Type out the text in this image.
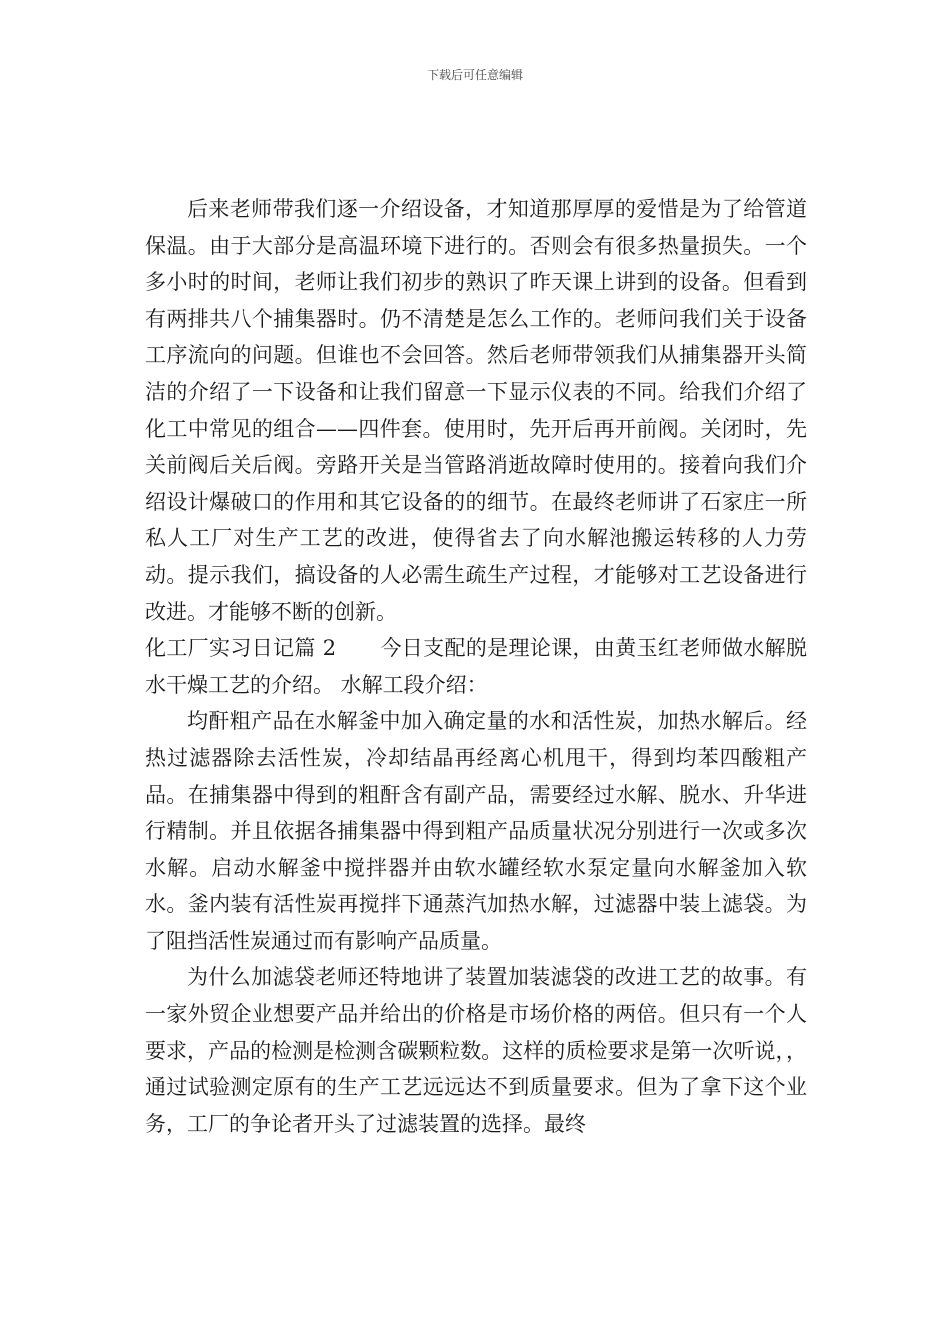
下载后可任意编辑

后来老师带我们逐一介绍设备，才知道那厚厚的爱惜是为了给管道保温。由于大部分是高温环境下进行的。否则会有很多热量损失。一个多小时的时间，老师让我们初步的熟识了昨天课上讲到的设备。但看到有两排共八个捕集器时。仍不清楚是怎么工作的。老师问我们关于设备工序流向的问题。但谁也不会回答。然后老师带领我们从捕集器开头简洁的介绍了一下设备和让我们留意一下显示仪表的不同。给我们介绍了化工中常见的组合——四件套。使用时，先开后再开前阀。关闭时，先关前阀后关后阀。旁路开关是当管路消逝故障时使用的。接着向我们介绍设计爆破口的作用和其它设备的的细节。在最终老师讲了石家庄一所私人工厂对生产工艺的改进，使得省去了向水解池搬运转移的人力劳动。提示我们，搞设备的人必需生疏生产过程，才能够对工艺设备进行改进。才能够不断的创新。

化工厂实习日记篇 2 今日支配的是理论课，由黄玉红老师做水解脱水干燥工艺的介绍。 水解工段介绍：

均酐粗产品在水解釜中加入确定量的水和活性炭，加热水解后。经热过滤器除去活性炭，冷却结晶再经离心机甩干，得到均苯四酸粗产品。在捕集器中得到的粗酐含有副产品，需要经过水解、脱水、升华进行精制。并且依据各捕集器中得到粗产品质量状况分别进行一次或多次水解。启动水解釜中搅拌器并由软水罐经软水泵定量向水解釜加入软水。釜内装有活性炭再搅拌下通蒸汽加热水解，过滤器中装上滤袋。为了阻挡活性炭通过而有影响产品质量。

为什么加滤袋老师还特地讲了装置加装滤袋的改进工艺的故事。有一家外贸企业想要产品并给出的价格是市场价格的两倍。但只有一个人要求，产品的检测是检测含碳颗粒数。这样的质检要求是第一次听说，，通过试验测定原有的生产工艺远远达不到质量要求。但为了拿下这个业务，工厂的争论者开头了过滤装置的选择。最终
